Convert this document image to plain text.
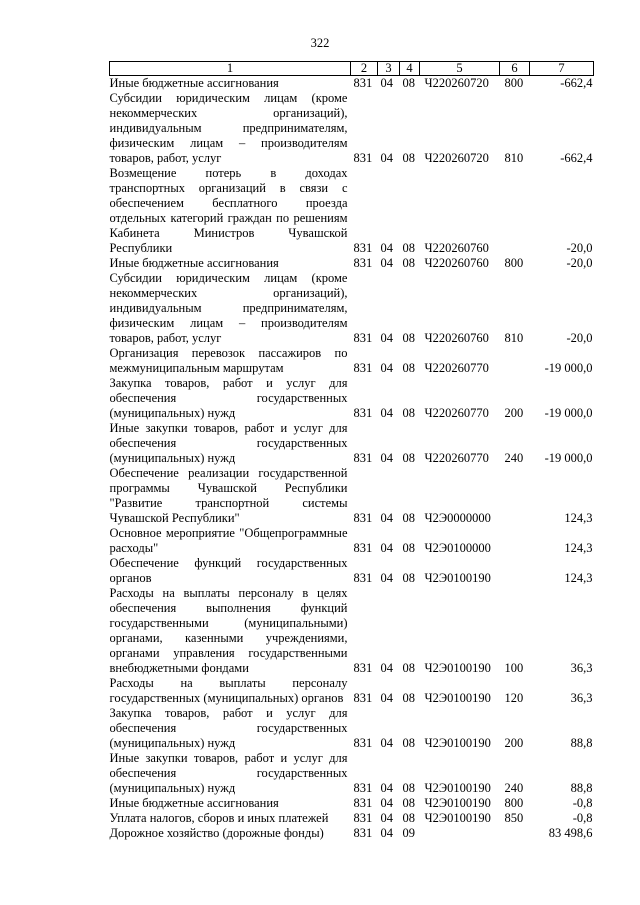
322
1	2	3	4	5	6	7
Иные бюджетные ассигнования	831	04	08	Ч220260720	800	-662,4
Субсидии юридическим лицам (кроме некоммерческих организаций), индивидуальным предпринимателям, физическим лицам – производителям товаров, работ, услуг	831	04	08	Ч220260720	810	-662,4
Возмещение потерь в доходах транспортных организаций в связи с обеспечением бесплатного проезда отдельных категорий граждан по решениям Кабинета Министров Чувашской Республики	831	04	08	Ч220260760		-20,0
Иные бюджетные ассигнования	831	04	08	Ч220260760	800	-20,0
Субсидии юридическим лицам (кроме некоммерческих организаций), индивидуальным предпринимателям, физическим лицам – производителям товаров, работ, услуг	831	04	08	Ч220260760	810	-20,0
Организация перевозок пассажиров по межмуниципальным маршрутам	831	04	08	Ч220260770		-19 000,0
Закупка товаров, работ и услуг для обеспечения государственных (муниципальных) нужд	831	04	08	Ч220260770	200	-19 000,0
Иные закупки товаров, работ и услуг для обеспечения государственных (муниципальных) нужд	831	04	08	Ч220260770	240	-19 000,0
Обеспечение реализации государственной программы Чувашской Республики "Развитие транспортной системы Чувашской Республики"	831	04	08	Ч2Э0000000		124,3
Основное мероприятие "Общепрограммные расходы"	831	04	08	Ч2Э0100000		124,3
Обеспечение функций государственных органов	831	04	08	Ч2Э0100190		124,3
Расходы на выплаты персоналу в целях обеспечения выполнения функций государственными (муниципальными) органами, казенными учреждениями, органами управления государственными внебюджетными фондами	831	04	08	Ч2Э0100190	100	36,3
Расходы на выплаты персоналу государственных (муниципальных) органов	831	04	08	Ч2Э0100190	120	36,3
Закупка товаров, работ и услуг для обеспечения государственных (муниципальных) нужд	831	04	08	Ч2Э0100190	200	88,8
Иные закупки товаров, работ и услуг для обеспечения государственных (муниципальных) нужд	831	04	08	Ч2Э0100190	240	88,8
Иные бюджетные ассигнования	831	04	08	Ч2Э0100190	800	-0,8
Уплата налогов, сборов и иных платежей	831	04	08	Ч2Э0100190	850	-0,8
Дорожное хозяйство (дорожные фонды)	831	04	09			83 498,6
